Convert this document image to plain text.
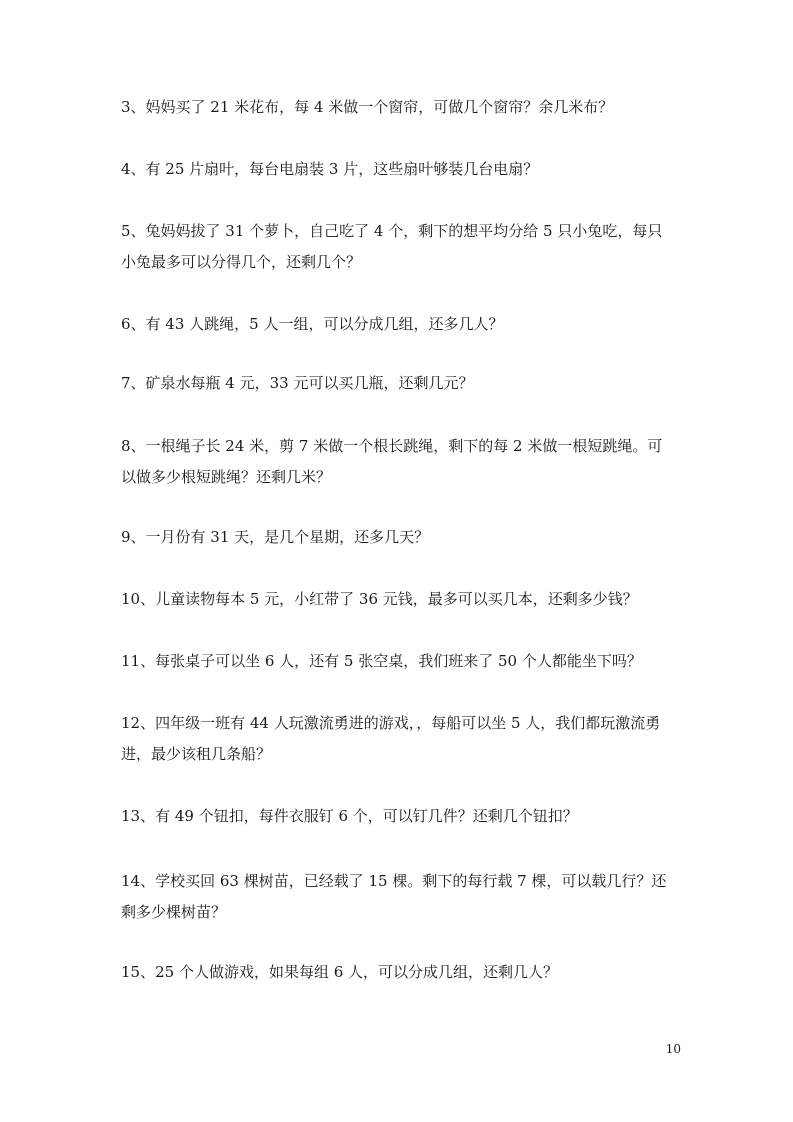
3、妈妈买了 21 米花布，每 4 米做一个窗帘，可做几个窗帘？余几米布？

4、有 25 片扇叶，每台电扇装 3 片，这些扇叶够装几台电扇？

5、兔妈妈拔了 31 个萝卜，自己吃了 4 个，剩下的想平均分给 5 只小兔吃，每只小兔最多可以分得几个，还剩几个？

6、有 43 人跳绳，5 人一组，可以分成几组，还多几人？

7、矿泉水每瓶 4 元，33 元可以买几瓶，还剩几元？

8、一根绳子长 24 米，剪 7 米做一个根长跳绳，剩下的每 2 米做一根短跳绳。可以做多少根短跳绳？还剩几米？

9、一月份有 31 天，是几个星期，还多几天？

10、儿童读物每本 5 元，小红带了 36 元钱，最多可以买几本，还剩多少钱？

11、每张桌子可以坐 6 人，还有 5 张空桌，我们班来了 50 个人都能坐下吗？

12、四年级一班有 44 人玩激流勇进的游戏，，每船可以坐 5 人，我们都玩激流勇进，最少该租几条船？

13、有 49 个钮扣，每件衣服钉 6 个，可以钉几件？还剩几个钮扣？

14、学校买回 63 棵树苗，已经载了 15 棵。剩下的每行载 7 棵，可以载几行？还剩多少棵树苗？

15、25 个人做游戏，如果每组 6 人，可以分成几组，还剩几人？

10
